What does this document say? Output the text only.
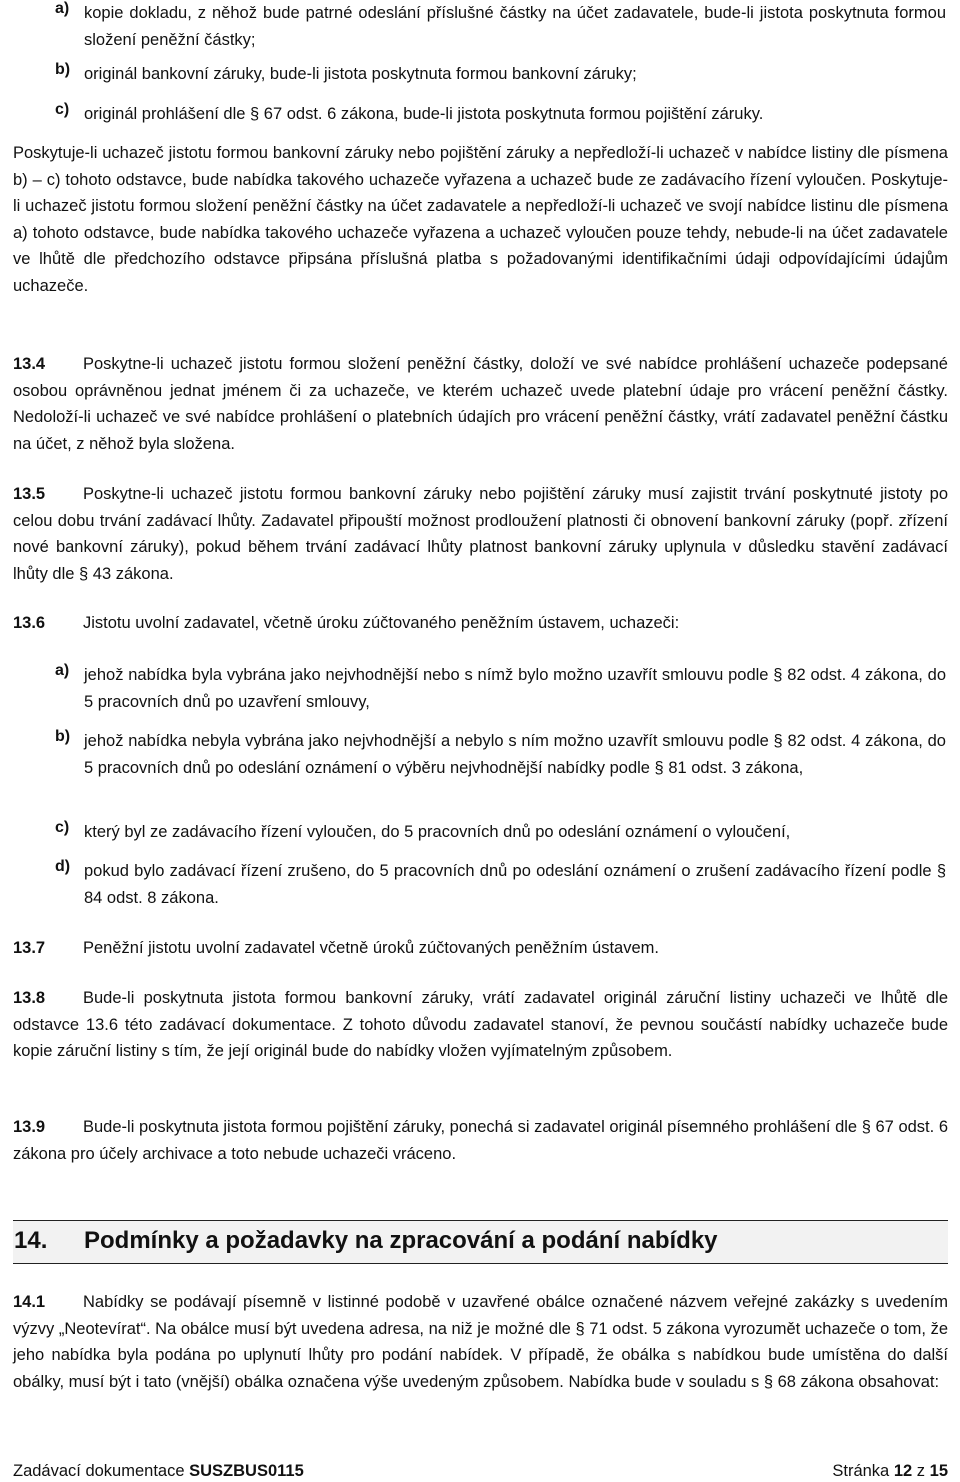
a) kopie dokladu, z něhož bude patrné odeslání příslušné částky na účet zadavatele, bude-li jistota poskytnuta formou složení peněžní částky;

b) originál bankovní záruky, bude-li jistota poskytnuta formou bankovní záruky;

c) originál prohlášení dle § 67 odst. 6 zákona, bude-li jistota poskytnuta formou pojištění záruky.

Poskytuje-li uchazeč jistotu formou bankovní záruky nebo pojištění záruky a nepředloží-li uchazeč v nabídce listiny dle písmena b) – c) tohoto odstavce, bude nabídka takového uchazeče vyřazena a uchazeč bude ze zadávacího řízení vyloučen. Poskytuje-li uchazeč jistotu formou složení peněžní částky na účet zadavatele a nepředloží-li uchazeč ve svojí nabídce listinu dle písmena a) tohoto odstavce, bude nabídka takového uchazeče vyřazena a uchazeč vyloučen pouze tehdy, nebude-li na účet zadavatele ve lhůtě dle předchozího odstavce připsána příslušná platba s požadovanými identifikačními údaji odpovídajícími údajům uchazeče.

13.4 Poskytne-li uchazeč jistotu formou složení peněžní částky, doloží ve své nabídce prohlášení uchazeče podepsané osobou oprávněnou jednat jménem či za uchazeče, ve kterém uchazeč uvede platební údaje pro vrácení peněžní částky. Nedoloží-li uchazeč ve své nabídce prohlášení o platebních údajích pro vrácení peněžní částky, vrátí zadavatel peněžní částku na účet, z něhož byla složena.

13.5 Poskytne-li uchazeč jistotu formou bankovní záruky nebo pojištění záruky musí zajistit trvání poskytnuté jistoty po celou dobu trvání zadávací lhůty. Zadavatel připouští možnost prodloužení platnosti či obnovení bankovní záruky (popř. zřízení nové bankovní záruky), pokud během trvání zadávací lhůty platnost bankovní záruky uplynula v důsledku stavění zadávací lhůty dle § 43 zákona.

13.6 Jistotu uvolní zadavatel, včetně úroku zúčtovaného peněžním ústavem, uchazeči:

a) jehož nabídka byla vybrána jako nejvhodnější nebo s nímž bylo možno uzavřít smlouvu podle § 82 odst. 4 zákona, do 5 pracovních dnů po uzavření smlouvy,

b) jehož nabídka nebyla vybrána jako nejvhodnější a nebylo s ním možno uzavřít smlouvu podle § 82 odst. 4 zákona, do 5 pracovních dnů po odeslání oznámení o výběru nejvhodnější nabídky podle § 81 odst. 3 zákona,

c) který byl ze zadávacího řízení vyloučen, do 5 pracovních dnů po odeslání oznámení o vyloučení,

d) pokud bylo zadávací řízení zrušeno, do 5 pracovních dnů po odeslání oznámení o zrušení zadávacího řízení podle § 84 odst. 8 zákona.

13.7 Peněžní jistotu uvolní zadavatel včetně úroků zúčtovaných peněžním ústavem.

13.8 Bude-li poskytnuta jistota formou bankovní záruky, vrátí zadavatel originál záruční listiny uchazeči ve lhůtě dle odstavce 13.6 této zadávací dokumentace. Z tohoto důvodu zadavatel stanoví, že pevnou součástí nabídky uchazeče bude kopie záruční listiny s tím, že její originál bude do nabídky vložen vyjímatelným způsobem.

13.9 Bude-li poskytnuta jistota formou pojištění záruky, ponechá si zadavatel originál písemného prohlášení dle § 67 odst. 6 zákona pro účely archivace a toto nebude uchazeči vráceno.

14. Podmínky a požadavky na zpracování a podání nabídky

14.1 Nabídky se podávají písemně v listinné podobě v uzavřené obálce označené názvem veřejné zakázky s uvedením výzvy „Neotevírat“. Na obálce musí být uvedena adresa, na niž je možné dle § 71 odst. 5 zákona vyrozumět uchazeče o tom, že jeho nabídka byla podána po uplynutí lhůty pro podání nabídek. V případě, že obálka s nabídkou bude umístěna do další obálky, musí být i tato (vnější) obálka označena výše uvedeným způsobem. Nabídka bude v souladu s § 68 zákona obsahovat:

Zadávací dokumentace SUSZBUS0115	Stránka 12 z 15
